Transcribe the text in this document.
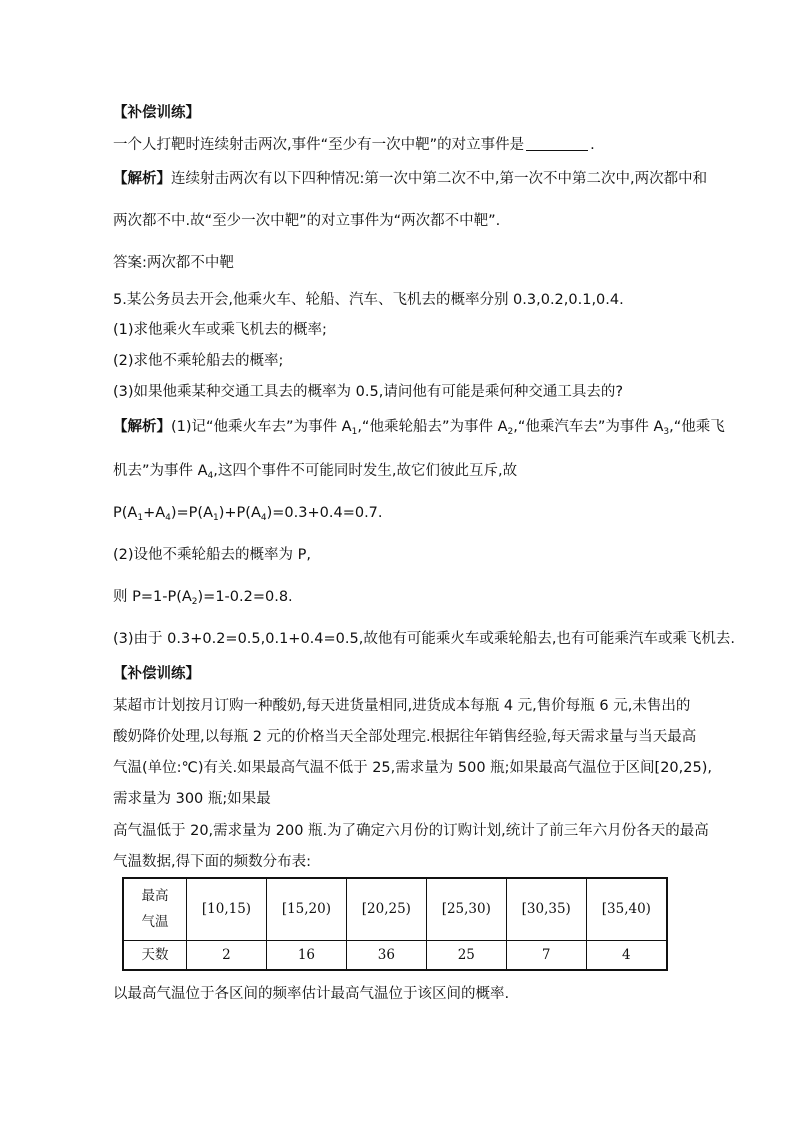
【补偿训练】
一个人打靶时连续射击两次,事件“至少有一次中靶”的对立事件是	.
【解析】连续射击两次有以下四种情况:第一次中第二次不中,第一次不中第二次中,两次都中和
两次都不中.故“至少一次中靶”的对立事件为“两次都不中靶”.
答案:两次都不中靶
5.某公务员去开会,他乘火车、轮船、汽车、飞机去的概率分别 0.3,0.2,0.1,0.4.
(1)求他乘火车或乘飞机去的概率;
(2)求他不乘轮船去的概率;
(3)如果他乘某种交通工具去的概率为 0.5,请问他有可能是乘何种交通工具去的?
【解析】(1)记“他乘火车去”为事件 $A_1,“$他乘轮船去”为事件 $A_2,“$他乘汽车去”为事件 $A_3,“$他乘飞
机去”为事件 $A_4$,这四个事件不可能同时发生,故它们彼此互斥,故
$P(A_1+A_4)=P(A_1)+P(A_4)=0.3+0.4=0.7$.
(2)设他不乘轮船去的概率为 P,
则 $P=1-P(A_2)=1-0.2=0.8$.
(3)由于 0.3+0.2=0.5,0.1+0.4=0.5,故他有可能乘火车或乘轮船去,也有可能乘汽车或乘飞机去.
【补偿训练】
某超市计划按月订购一种酸奶,每天进货量相同,进货成本每瓶 4 元,售价每瓶 6 元,未售出的
酸奶降价处理,以每瓶 2 元的价格当天全部处理完.根据往年销售经验,每天需求量与当天最高
气温(单位:℃)有关.如果最高气温不低于 25,需求量为 500 瓶;如果最高气温位于区间[20,25),
需求量为 300 瓶;如果最
高气温低于 20,需求量为 200 瓶.为了确定六月份的订购计划,统计了前三年六月份各天的最高
气温数据,得下面的频数分布表:
最高
气温	[10,15)	[15,20)	[20,25)	[25,30)	[30,35)	[35,40)
天数	2	16	36	25	7	4
以最高气温位于各区间的频率估计最高气温位于该区间的概率.
